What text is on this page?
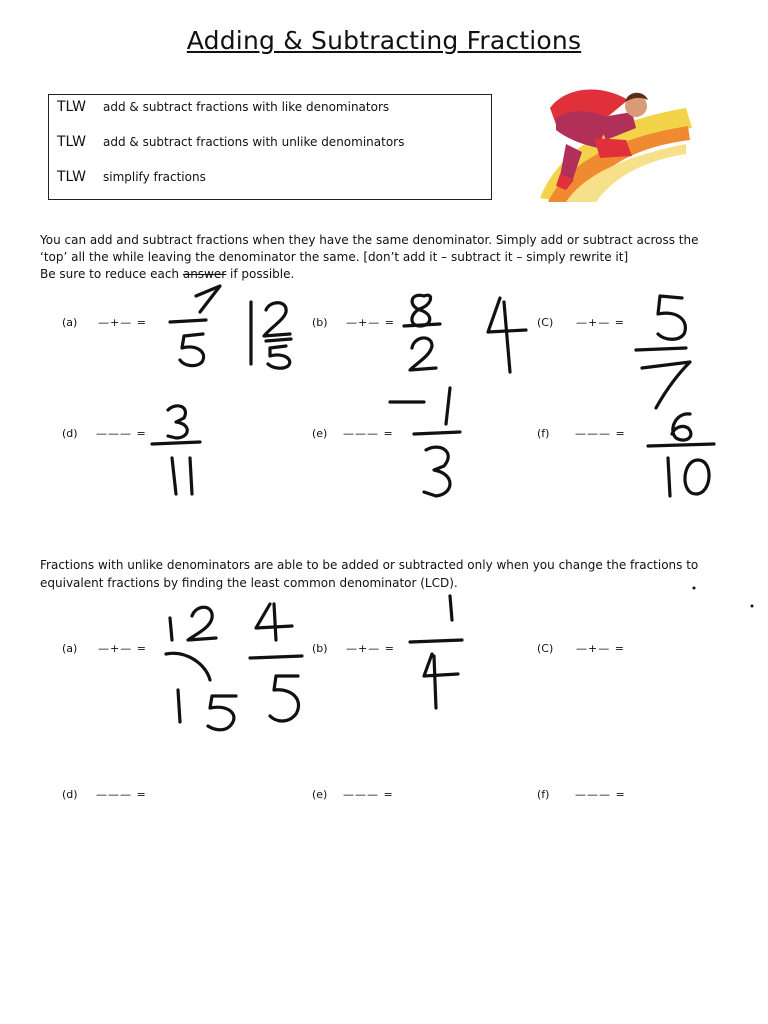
Adding & Subtracting Fractions
TLW add & subtract fractions with like denominators
TLW add & subtract fractions with unlike denominators
TLW simplify fractions
You can add and subtract fractions when they have the same denominator. Simply add or subtract across the
‘top’ all the while leaving the denominator the same. [don’t add it – subtract it – simply rewrite it]
Be sure to reduce each answer if possible.
(a) —+— =	(b) —+— =	(C) —+— =
(d) ——— =	(e) ——— =	(f) ——— =
Fractions with unlike denominators are able to be added or subtracted only when you change the fractions to
equivalent fractions by finding the least common denominator (LCD).
(a) —+— =	(b) —+— =	(C) —+— =
(d) ——— =	(e) ——— =	(f) ——— =
